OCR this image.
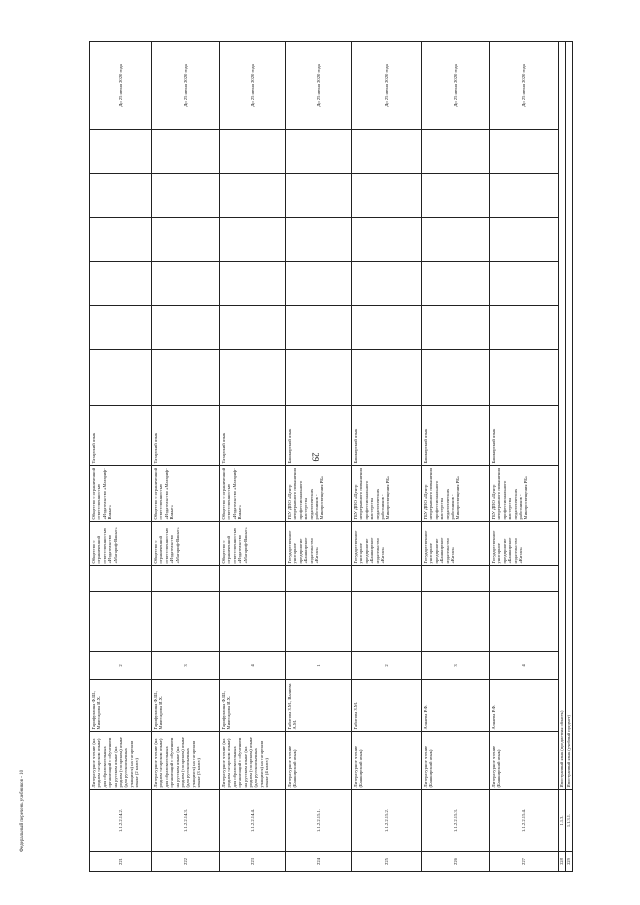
29
Федеральный перечень учебников - 10
221	1.1.2.2.14.2.	Литературное чтение (на родном татарском языке) для образовательных организаций с обучением на русском языке (на родном (татарском) языке (для русскоязычных учащихся) на татарском языке (2 класс)	Гарифуллина Ф.Ш., Мияссарова И.Х.	2			Общество с ограниченной ответственностью «Издательство «Магариф-Вакыт»	Общество с ограниченной ответственностью «Издательство «Магариф-Вакыт»	Татарский язык							До 25 июня 2020 года
222	1.1.2.2.14.3.	Литературное чтение (на родном татарском языке) для образовательных организаций с обучением на русском языке (на родном (татарском) языке (для русскоязычных учащихся) на татарском языке (3 класс)	Гарифуллина Ф.Ш., Мияссарова И.Х.	3			Общество с ограниченной ответственностью «Издательство «Магариф-Вакыт»	Общество с ограниченной ответственностью «Издательство «Магариф-Вакыт»	Татарский язык							До 25 июня 2020 года
223	1.1.2.2.14.4.	Литературное чтение (на родном татарском языке) для образовательных организаций с обучением на русском языке (на родном (татарском) языке (для русскоязычных учащихся) на татарском языке (4 класс)	Гарифуллина Ф.Ш., Мияссарова И.Х.	4			Общество с ограниченной ответственностью «Издательство «Магариф-Вакыт»	Общество с ограниченной ответственностью «Издательство «Магариф-Вакыт»	Татарский язык							До 25 июня 2020 года
224	1.1.2.2.15.1.	Литературное чтение (Башкирский язык)	Габитова З.М., Валиева А.М.	1			Государственное унитарное предприятие «Башкирское издательство «Китап»	ГБУ ДПО «Центр непрерывного повышения профессионального мастерства педагогических работников - Минпросвещения РБ»	Башкирский язык							До 25 июня 2020 года
225	1.1.2.2.15.2.	Литературное чтение (Башкирский язык)	Габитова З.М.	2			Государственное унитарное предприятие «Башкирское издательство «Китап»	ГБУ ДПО «Центр непрерывного повышения профессионального мастерства педагогических работников - Минпросвещения РБ»	Башкирский язык							До 25 июня 2020 года
226	1.1.2.2.15.3.	Литературное чтение (Башкирский язык)	Азнаева Р.Ф.	3			Государственное унитарное предприятие «Башкирское издательство «Китап»	ГБУ ДПО «Центр непрерывного повышения профессионального мастерства педагогических работников - Минпросвещения РБ»	Башкирский язык							До 25 июня 2020 года
227	1.1.2.2.15.4.	Литературное чтение (Башкирский язык)	Азнаева Р.Ф.	4			Государственное унитарное предприятие «Башкирское издательство «Китап»	ГБУ ДПО «Центр непрерывного повышения профессионального мастерства педагогических работников - Минпросвещения РБ»	Башкирский язык							До 25 июня 2020 года
228	1.1.3.	Иностранный язык (предметная область)														
229	1.1.3.1.	Иностранный язык (учебный предмет)														
